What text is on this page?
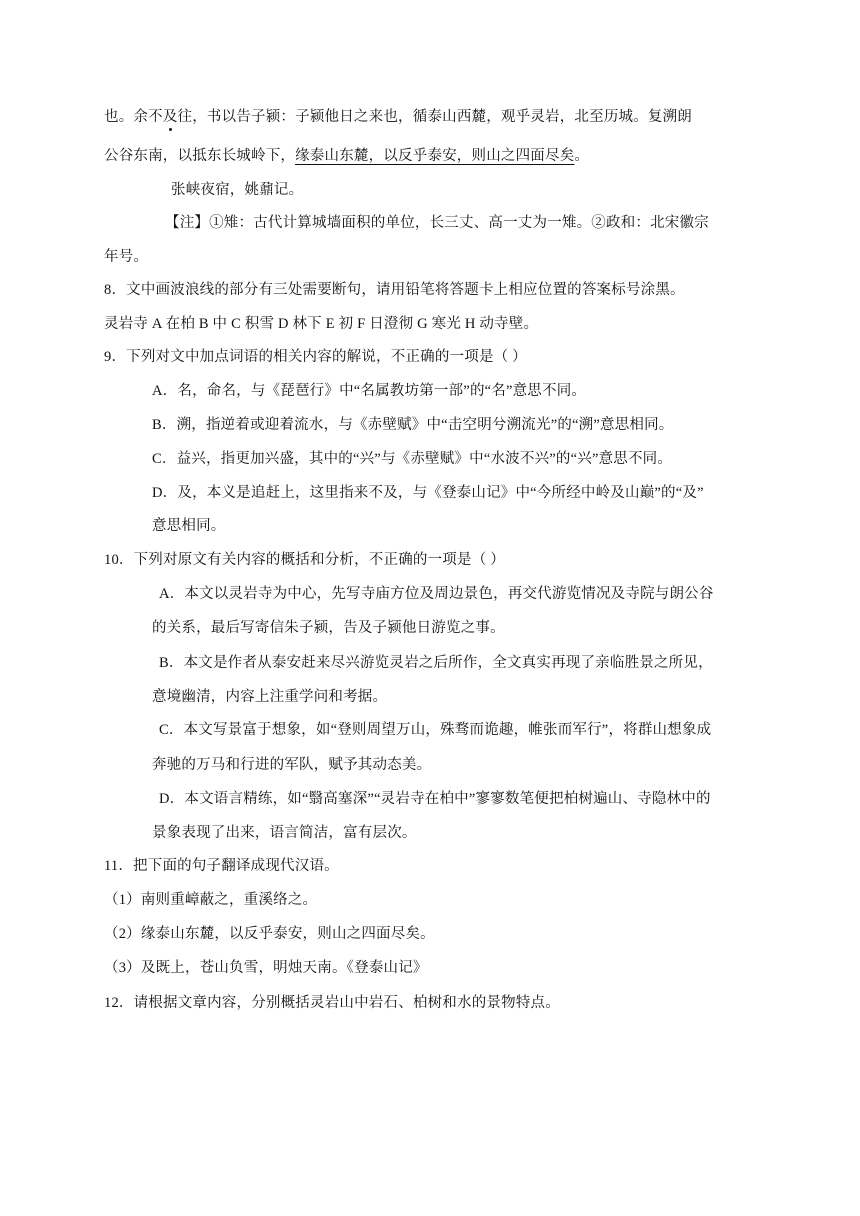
也。余不及往，书以告子颍：子颍他日之来也，循泰山西麓，观乎灵岩，北至历城。复溯朗
公谷东南，以抵东长城岭下，缘泰山东麓，以反乎泰安，则山之四面尽矣。
张峡夜宿，姚鼐记。
【注】①雉：古代计算城墙面积的单位，长三丈、高一丈为一雉。②政和：北宋徽宗
年号。
8．文中画波浪线的部分有三处需要断句，请用铅笔将答题卡上相应位置的答案标号涂黑。
灵岩寺 A 在柏 B 中 C 积雪 D 林下 E 初 F 日澄彻 G 寒光 H 动寺壁。
9．下列对文中加点词语的相关内容的解说，不正确的一项是（ ）
A．名，命名，与《琵琶行》中“名属教坊第一部”的“名”意思不同。
B．溯，指逆着或迎着流水，与《赤壁赋》中“击空明兮溯流光”的“溯”意思相同。
C．益兴，指更加兴盛，其中的“兴”与《赤壁赋》中“水波不兴”的“兴”意思不同。
D．及，本义是追赶上，这里指来不及，与《登泰山记》中“今所经中岭及山巅”的“及”
意思相同。
10．下列对原文有关内容的概括和分析，不正确的一项是（ ）
A．本文以灵岩寺为中心，先写寺庙方位及周边景色，再交代游览情况及寺院与朗公谷
的关系，最后写寄信朱子颍，告及子颍他日游览之事。
B．本文是作者从泰安赶来尽兴游览灵岩之后所作，全文真实再现了亲临胜景之所见，
意境幽清，内容上注重学问和考据。
C．本文写景富于想象，如“登则周望万山，殊骛而诡趣，帷张而军行”，将群山想象成
奔驰的万马和行进的军队，赋予其动态美。
D．本文语言精练，如“翳高塞深”“灵岩寺在柏中”寥寥数笔便把柏树遍山、寺隐林中的
景象表现了出来，语言简洁，富有层次。
11．把下面的句子翻译成现代汉语。
（1）南则重嶂蔽之，重溪络之。
（2）缘泰山东麓，以反乎泰安，则山之四面尽矣。
（3）及既上，苍山负雪，明烛天南。《登泰山记》
12．请根据文章内容，分别概括灵岩山中岩石、柏树和水的景物特点。
